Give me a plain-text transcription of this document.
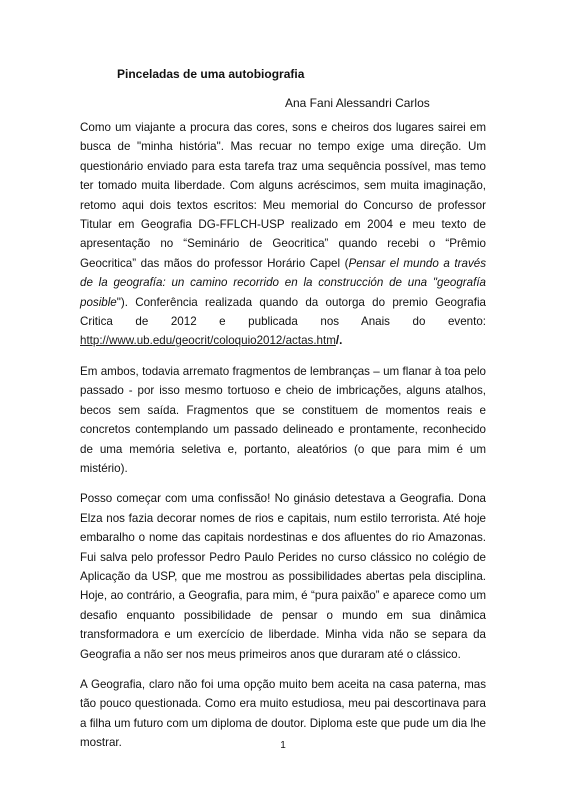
Pinceladas de uma autobiografia
Ana Fani Alessandri Carlos

Como um viajante a procura das cores, sons e cheiros dos lugares sairei em busca de "minha história". Mas recuar no tempo exige uma direção. Um questionário enviado para esta tarefa traz uma sequência possível, mas temo ter tomado muita liberdade. Com alguns acréscimos, sem muita imaginação, retomo aqui dois textos escritos: Meu memorial do Concurso de professor Titular em Geografia DG-FFLCH-USP realizado em 2004 e meu texto de apresentação no “Seminário de Geocritica” quando recebi o “Prêmio Geocritica” das mãos do professor Horário Capel (Pensar el mundo a través de la geografía: un camino recorrido en la construcción de una "geografía posible"). Conferência realizada quando da outorga do premio Geografia Critica de 2012 e publicada nos Anais do evento: http://www.ub.edu/geocrit/coloquio2012/actas.htm/.

Em ambos, todavia arremato fragmentos de lembranças – um flanar à toa pelo passado - por isso mesmo tortuoso e cheio de imbricações, alguns atalhos, becos sem saída. Fragmentos que se constituem de momentos reais e concretos contemplando um passado delineado e prontamente, reconhecido de uma memória seletiva e, portanto, aleatórios (o que para mim é um mistério).

Posso começar com uma confissão! No ginásio detestava a Geografia. Dona Elza nos fazia decorar nomes de rios e capitais, num estilo terrorista. Até hoje embaralho o nome das capitais nordestinas e dos afluentes do rio Amazonas. Fui salva pelo professor Pedro Paulo Perides no curso clássico no colégio de Aplicação da USP, que me mostrou as possibilidades abertas pela disciplina. Hoje, ao contrário, a Geografia, para mim, é “pura paixão” e aparece como um desafio enquanto possibilidade de pensar o mundo em sua dinâmica transformadora e um exercício de liberdade. Minha vida não se separa da Geografia a não ser nos meus primeiros anos que duraram até o clássico.

A Geografia, claro não foi uma opção muito bem aceita na casa paterna, mas tão pouco questionada. Como era muito estudiosa, meu pai descortinava para a filha um futuro com um diploma de doutor. Diploma este que pude um dia lhe mostrar.	1
